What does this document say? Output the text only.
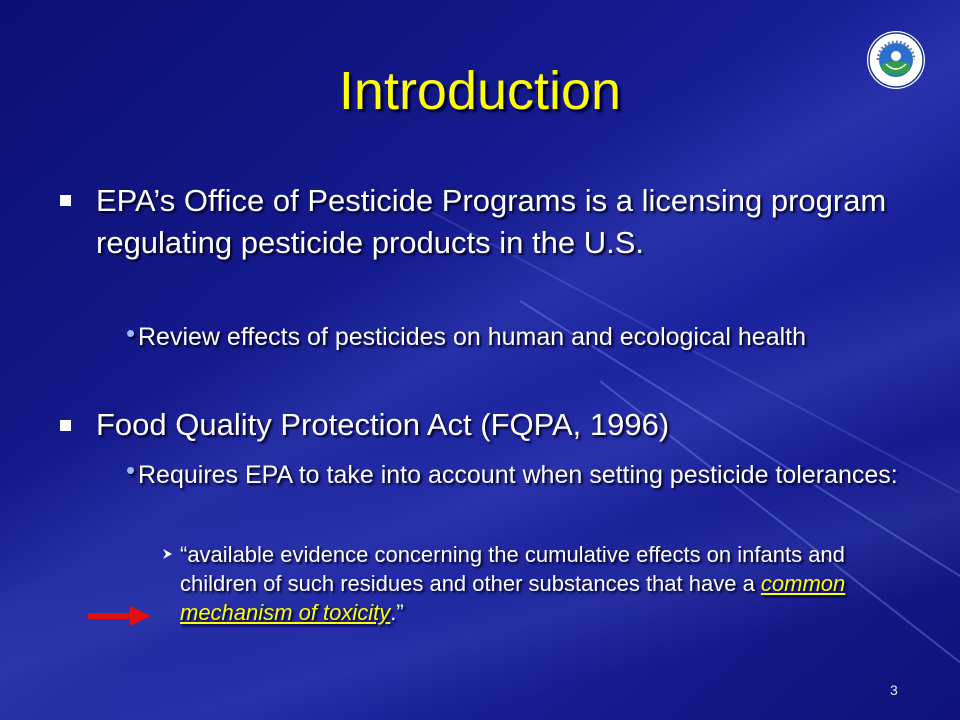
Introduction
EPA’s Office of Pesticide Programs is a licensing program regulating pesticide products in the U.S.
• Review effects of pesticides on human and ecological health
Food Quality Protection Act (FQPA, 1996)
• Requires EPA to take into account when setting pesticide tolerances:
“available evidence concerning the cumulative effects on infants and children of such residues and other substances that have a common mechanism of toxicity.”
3
